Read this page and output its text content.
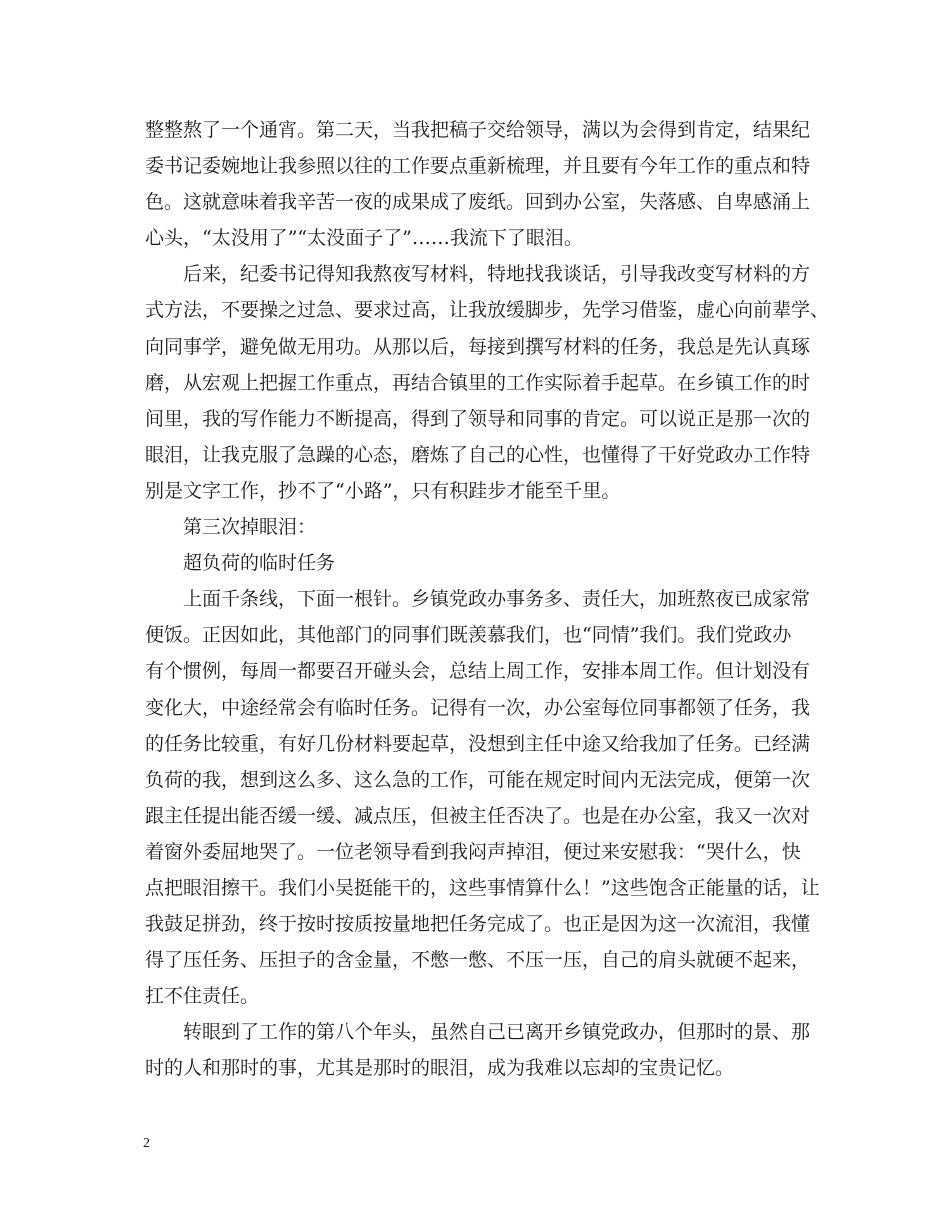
整整熬了一个通宵。第二天，当我把稿子交给领导，满以为会得到肯定，结果纪
委书记委婉地让我参照以往的工作要点重新梳理，并且要有今年工作的重点和特
色。这就意味着我辛苦一夜的成果成了废纸。回到办公室，失落感、自卑感涌上
心头，“太没用了”“太没面子了”……我流下了眼泪。
　　后来，纪委书记得知我熬夜写材料，特地找我谈话，引导我改变写材料的方
式方法，不要操之过急、要求过高，让我放缓脚步，先学习借鉴，虚心向前辈学、
向同事学，避免做无用功。从那以后，每接到撰写材料的任务，我总是先认真琢
磨，从宏观上把握工作重点，再结合镇里的工作实际着手起草。在乡镇工作的时
间里，我的写作能力不断提高，得到了领导和同事的肯定。可以说正是那一次的
眼泪，让我克服了急躁的心态，磨炼了自己的心性，也懂得了干好党政办工作特
别是文字工作，抄不了“小路”，只有积跬步才能至千里。
　　第三次掉眼泪：
　　超负荷的临时任务
　　上面千条线，下面一根针。乡镇党政办事务多、责任大，加班熬夜已成家常
便饭。正因如此，其他部门的同事们既羡慕我们，也“同情”我们。我们党政办
有个惯例，每周一都要召开碰头会，总结上周工作，安排本周工作。但计划没有
变化大，中途经常会有临时任务。记得有一次，办公室每位同事都领了任务，我
的任务比较重，有好几份材料要起草，没想到主任中途又给我加了任务。已经满
负荷的我，想到这么多、这么急的工作，可能在规定时间内无法完成，便第一次
跟主任提出能否缓一缓、减点压，但被主任否决了。也是在办公室，我又一次对
着窗外委屈地哭了。一位老领导看到我闷声掉泪，便过来安慰我：“哭什么，快
点把眼泪擦干。我们小吴挺能干的，这些事情算什么！”这些饱含正能量的话，让
我鼓足拼劲，终于按时按质按量地把任务完成了。也正是因为这一次流泪，我懂
得了压任务、压担子的含金量，不憋一憋、不压一压，自己的肩头就硬不起来，
扛不住责任。
　　转眼到了工作的第八个年头，虽然自己已离开乡镇党政办，但那时的景、那
时的人和那时的事，尤其是那时的眼泪，成为我难以忘却的宝贵记忆。
2
